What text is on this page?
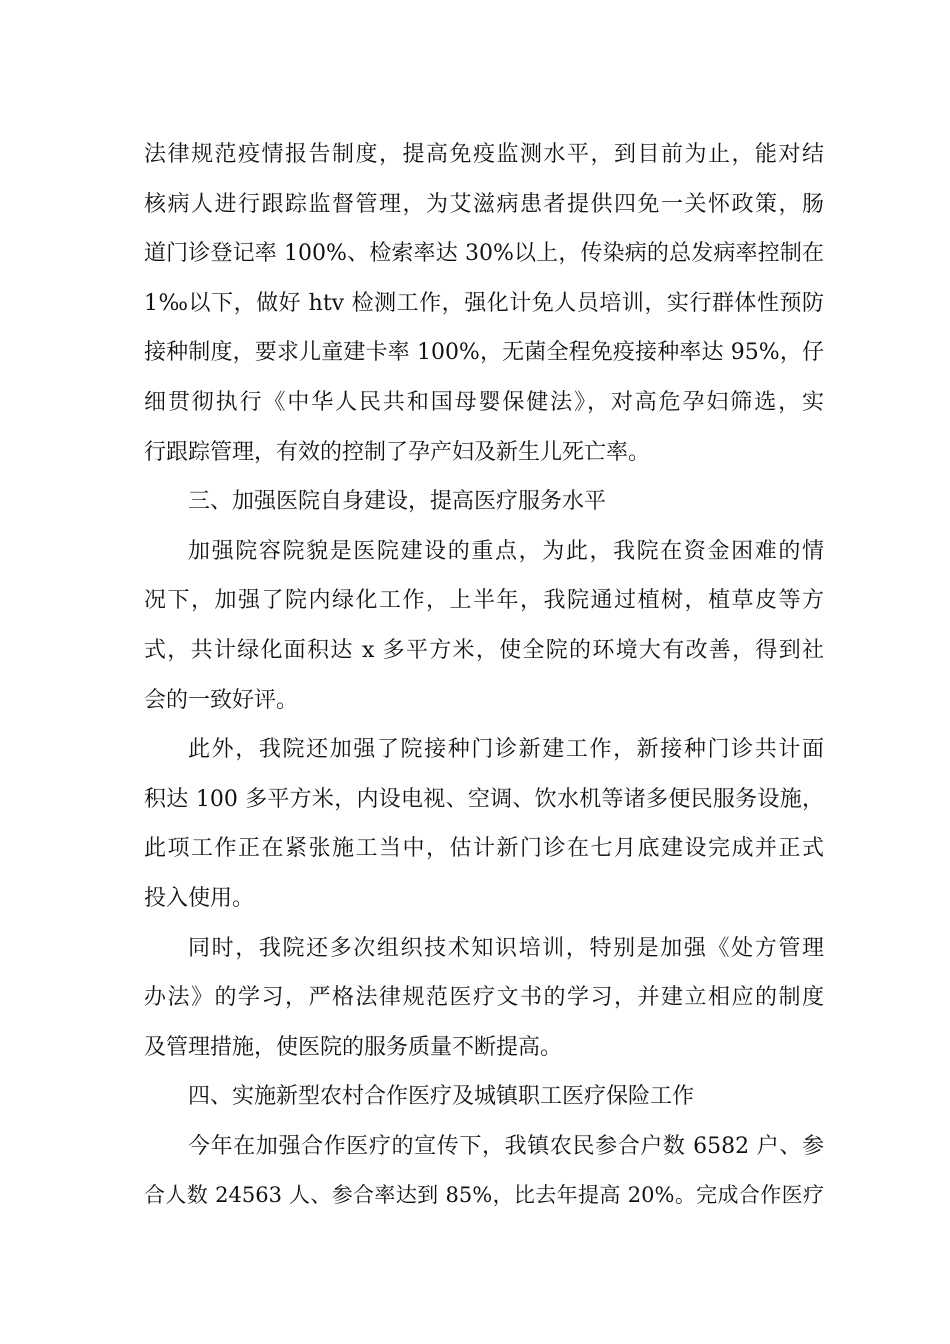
法律规范疫情报告制度，提高免疫监测水平，到目前为止，能对结
核病人进行跟踪监督管理，为艾滋病患者提供四免一关怀政策，肠
道门诊登记率 100%、检索率达 30%以上，传染病的总发病率控制在
1‰以下，做好 htv 检测工作，强化计免人员培训，实行群体性预防
接种制度，要求儿童建卡率 100%，无菌全程免疫接种率达 95%，仔
细贯彻执行《中华人民共和国母婴保健法》，对高危孕妇筛选，实
行跟踪管理，有效的控制了孕产妇及新生儿死亡率。
三、加强医院自身建设，提高医疗服务水平
加强院容院貌是医院建设的重点，为此，我院在资金困难的情
况下，加强了院内绿化工作，上半年，我院通过植树，植草皮等方
式，共计绿化面积达 x 多平方米，使全院的环境大有改善，得到社
会的一致好评。
此外，我院还加强了院接种门诊新建工作，新接种门诊共计面
积达 100 多平方米，内设电视、空调、饮水机等诸多便民服务设施，
此项工作正在紧张施工当中，估计新门诊在七月底建设完成并正式
投入使用。
同时，我院还多次组织技术知识培训，特别是加强《处方管理
办法》的学习，严格法律规范医疗文书的学习，并建立相应的制度
及管理措施，使医院的服务质量不断提高。
四、实施新型农村合作医疗及城镇职工医疗保险工作
今年在加强合作医疗的宣传下，我镇农民参合户数 6582 户、参
合人数 24563 人、参合率达到 85%，比去年提高 20%。完成合作医疗
